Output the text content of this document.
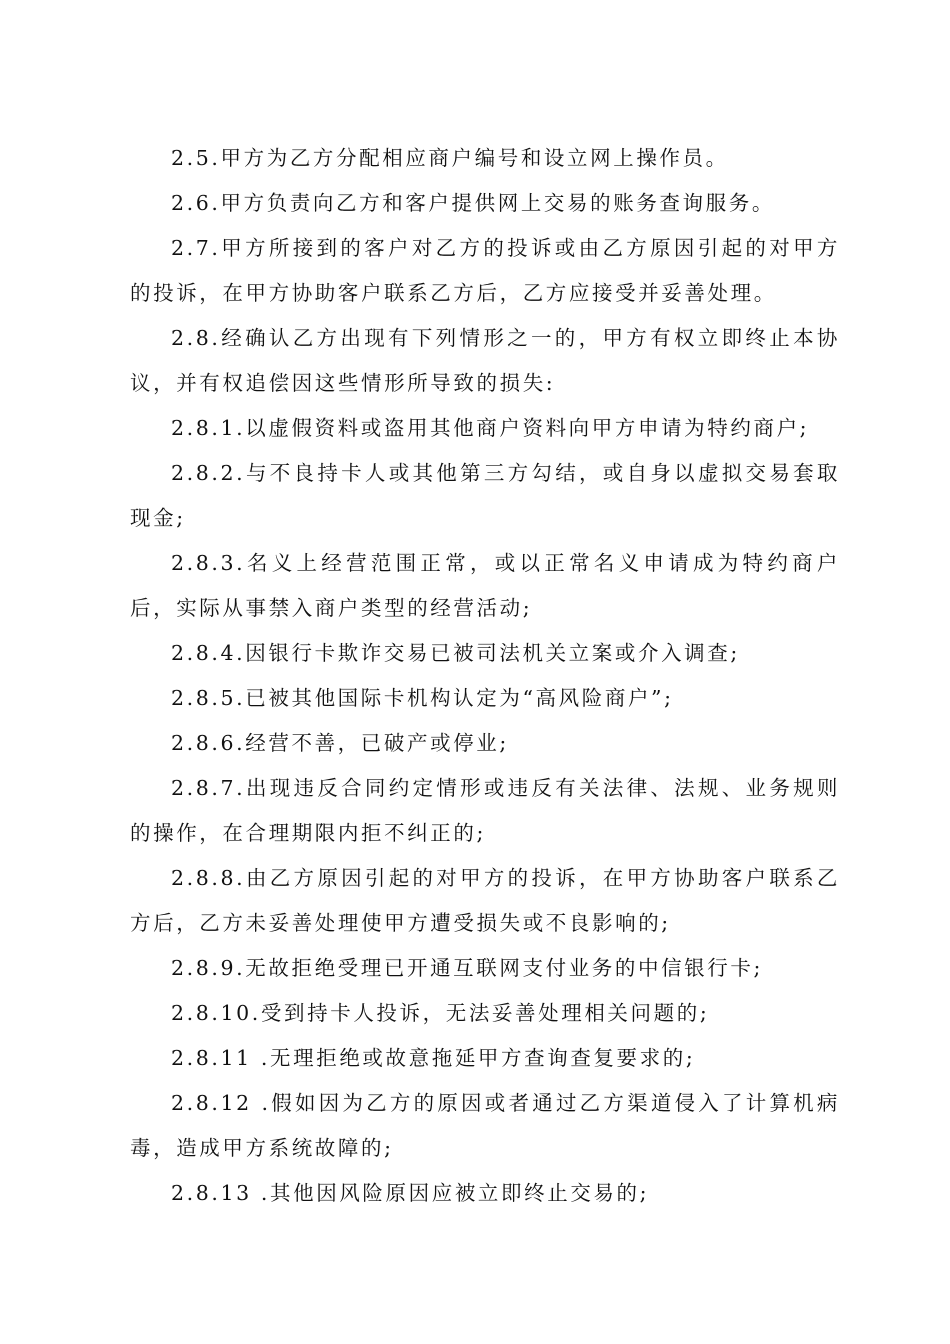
2.5.甲方为乙方分配相应商户编号和设立网上操作员。

2.6.甲方负责向乙方和客户提供网上交易的账务查询服务。

2.7.甲方所接到的客户对乙方的投诉或由乙方原因引起的对甲方的投诉，在甲方协助客户联系乙方后，乙方应接受并妥善处理。

2.8.经确认乙方出现有下列情形之一的，甲方有权立即终止本协议，并有权追偿因这些情形所导致的损失:

2.8.1.以虚假资料或盗用其他商户资料向甲方申请为特约商户;

2.8.2.与不良持卡人或其他第三方勾结，或自身以虚拟交易套取现金;

2.8.3.名义上经营范围正常，或以正常名义申请成为特约商户后，实际从事禁入商户类型的经营活动;

2.8.4.因银行卡欺诈交易已被司法机关立案或介入调查;

2.8.5.已被其他国际卡机构认定为“高风险商户”;

2.8.6.经营不善，已破产或停业;

2.8.7.出现违反合同约定情形或违反有关法律、法规、业务规则的操作，在合理期限内拒不纠正的;

2.8.8.由乙方原因引起的对甲方的投诉，在甲方协助客户联系乙方后，乙方未妥善处理使甲方遭受损失或不良影响的;

2.8.9.无故拒绝受理已开通互联网支付业务的中信银行卡;

2.8.10.受到持卡人投诉，无法妥善处理相关问题的;

2.8.11 .无理拒绝或故意拖延甲方查询查复要求的;

2.8.12 .假如因为乙方的原因或者通过乙方渠道侵入了计算机病毒，造成甲方系统故障的;

2.8.13 .其他因风险原因应被立即终止交易的;
